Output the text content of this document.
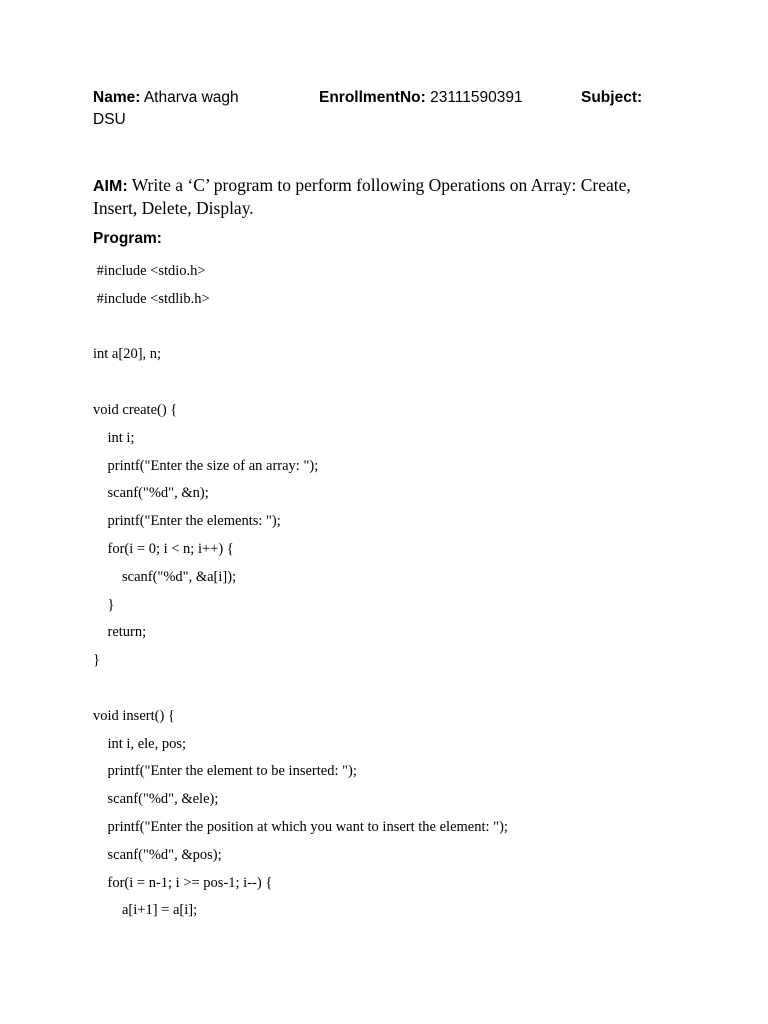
Name: Atharva wagh	EnrollmentNo: 23111590391	Subject:
DSU
AIM: Write a ‘C’ program to perform following Operations on Array: Create,
Insert, Delete, Display.
Program:
#include <stdio.h>
#include <stdlib.h>
int a[20], n;
void create() {
int i;
printf("Enter the size of an array: ");
scanf("%d", &n);
printf("Enter the elements: ");
for(i = 0; i < n; i++) {
scanf("%d", &a[i]);
}
return;
}
void insert() {
int i, ele, pos;
printf("Enter the element to be inserted: ");
scanf("%d", &ele);
printf("Enter the position at which you want to insert the element: ");
scanf("%d", &pos);
for(i = n-1; i >= pos-1; i--) {
a[i+1] = a[i];
